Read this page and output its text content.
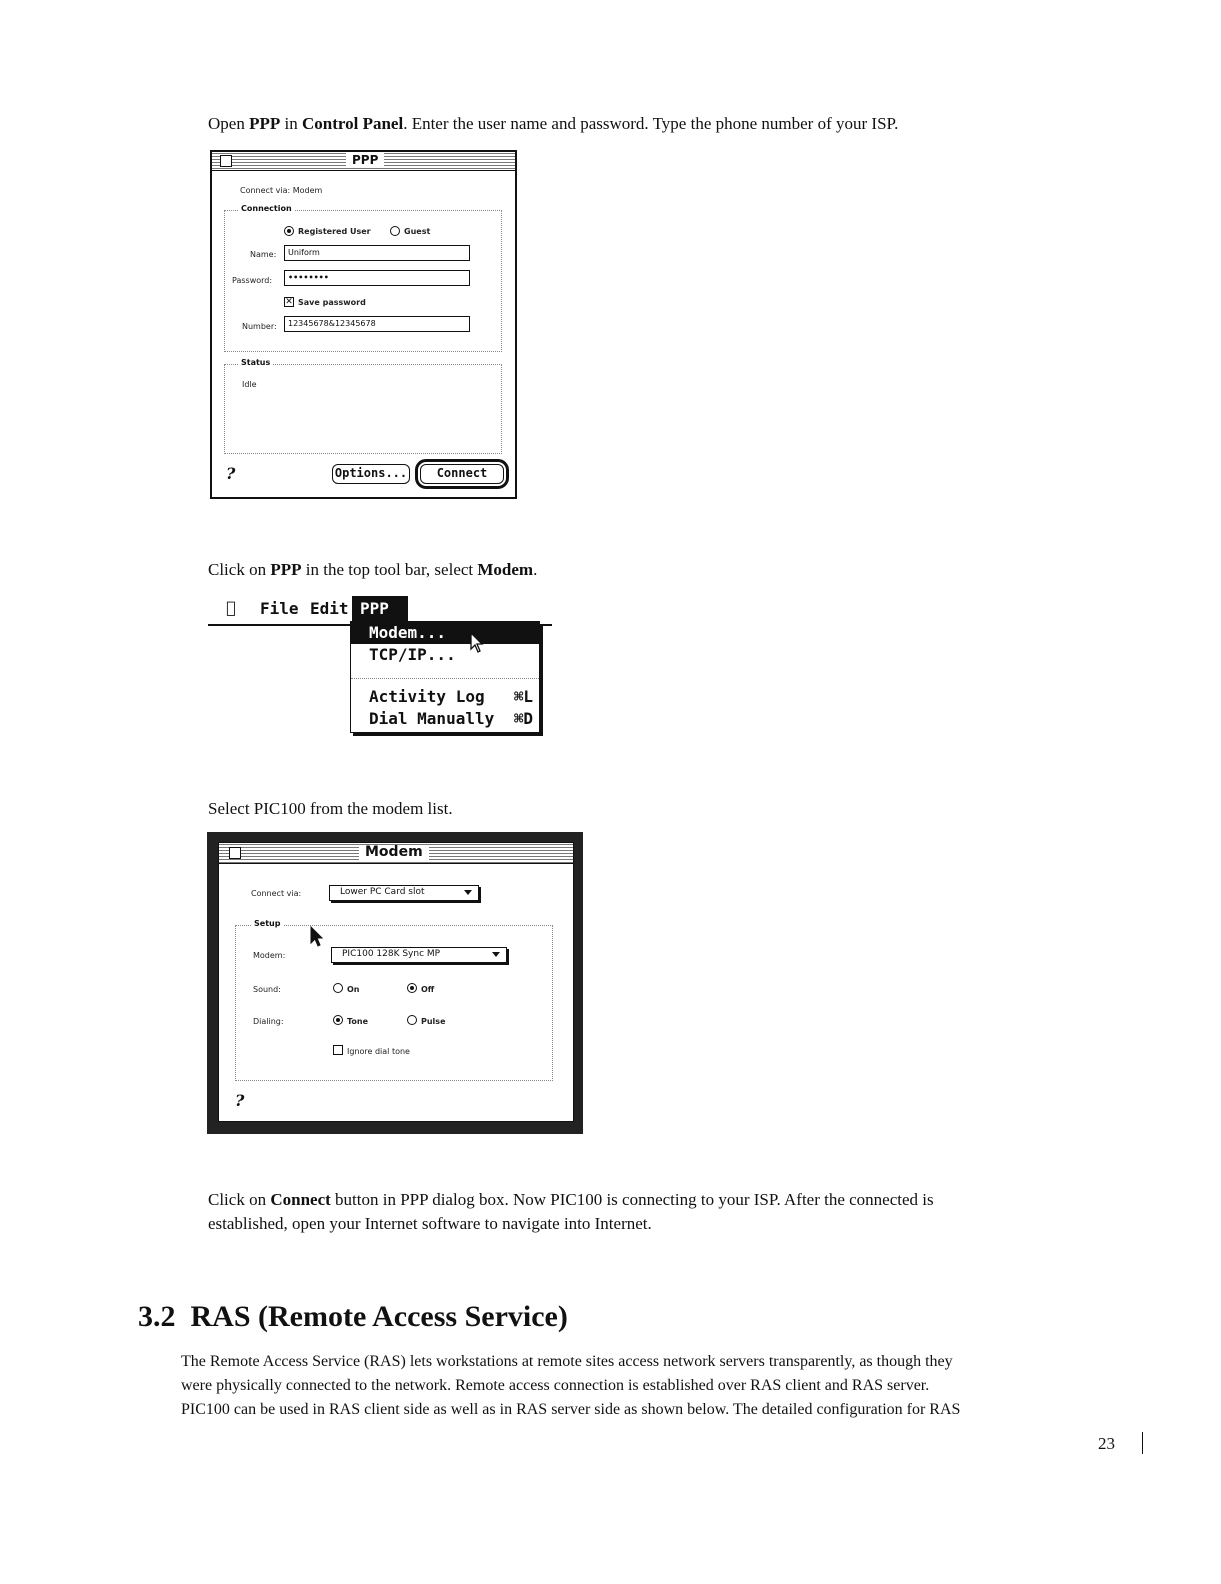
Open PPP in Control Panel. Enter the user name and password. Type the phone number of your ISP.
PPP
Connect via: Modem
Connection
Registered User	Guest
Name:	Uniform
Password:	••••••••
✕ Save password
Number:	12345678&12345678
Status
Idle
?	Options...	Connect
Click on PPP in the top tool bar, select Modem.
File Edit PPP
Modem...
TCP/IP...
Activity Log ⌘L
Dial Manually ⌘D
Select PIC100 from the modem list.
Modem
Connect via:	Lower PC Card slot
Setup
Modem:	PIC100 128K Sync MP
Sound:	On	Off
Dialing:	Tone	Pulse
Ignore dial tone
?
Click on Connect button in PPP dialog box. Now PIC100 is connecting to your ISP. After the connected is
established, open your Internet software to navigate into Internet.
3.2 RAS (Remote Access Service)
The Remote Access Service (RAS) lets workstations at remote sites access network servers transparently, as though they
were physically connected to the network. Remote access connection is established over RAS client and RAS server.
PIC100 can be used in RAS client side as well as in RAS server side as shown below. The detailed configuration for RAS
23
